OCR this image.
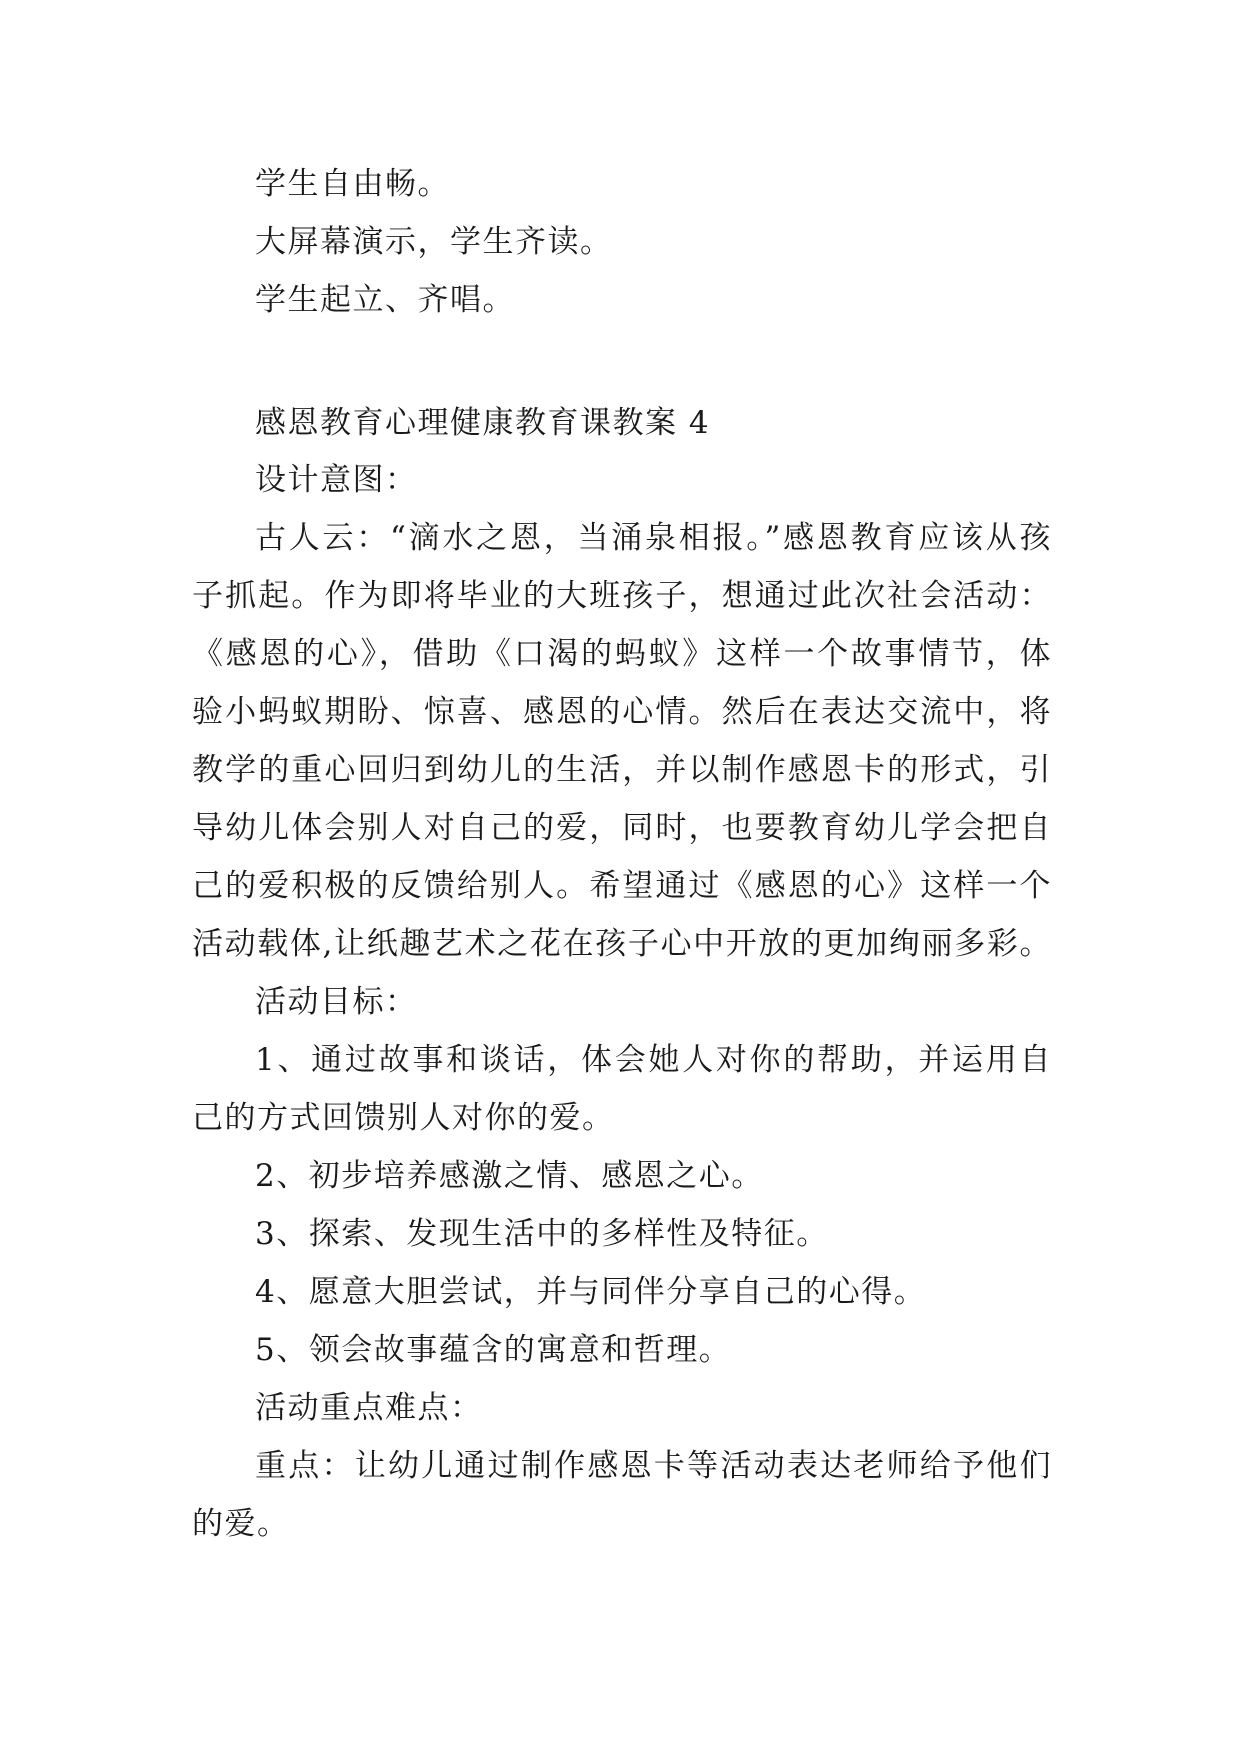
学生自由畅。
大屏幕演示，学生齐读。
学生起立、齐唱。
感恩教育心理健康教育课教案 4
设计意图：
古人云：“滴水之恩，当涌泉相报。”感恩教育应该从孩
子抓起。作为即将毕业的大班孩子，想通过此次社会活动：
《感恩的心》，借助《口渴的蚂蚁》这样一个故事情节，体
验小蚂蚁期盼、惊喜、感恩的心情。然后在表达交流中，将
教学的重心回归到幼儿的生活，并以制作感恩卡的形式，引
导幼儿体会别人对自己的爱，同时，也要教育幼儿学会把自
己的爱积极的反馈给别人。希望通过《感恩的心》这样一个
活动载体,让纸趣艺术之花在孩子心中开放的更加绚丽多彩。
活动目标：
1、通过故事和谈话，体会她人对你的帮助，并运用自
己的方式回馈别人对你的爱。
2、初步培养感激之情、感恩之心。
3、探索、发现生活中的多样性及特征。
4、愿意大胆尝试，并与同伴分享自己的心得。
5、领会故事蕴含的寓意和哲理。
活动重点难点：
重点：让幼儿通过制作感恩卡等活动表达老师给予他们
的爱。
